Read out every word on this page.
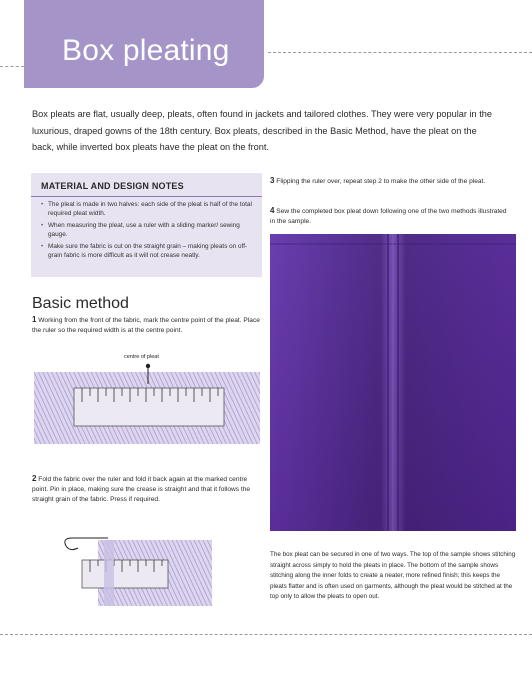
Box pleating
Box pleats are flat, usually deep, pleats, often found in jackets and tailored clothes. They were very popular in the luxurious, draped gowns of the 18th century. Box pleats, described in the Basic Method, have the pleat on the back, while inverted box pleats have the pleat on the front.
MATERIAL AND DESIGN NOTES
• The pleat is made in two halves: each side of the pleat is half of the total required pleat width.
• When measuring the pleat, use a ruler with a sliding marker/ sewing gauge.
• Make sure the fabric is cut on the straight grain – making pleats on off-grain fabric is more difficult as it will not crease neatly.
Basic method
1 Working from the front of the fabric, mark the centre point of the pleat. Place the ruler so the required width is at the centre point.
centre of pleat
2 Fold the fabric over the ruler and fold it back again at the marked centre point. Pin in place, making sure the crease is straight and that it follows the straight grain of the fabric. Press if required.
3 Flipping the ruler over, repeat step 2 to make the other side of the pleat.
4 Sew the completed box pleat down following one of the two methods illustrated in the sample.
The box pleat can be secured in one of two ways. The top of the sample shows stitching straight across simply to hold the pleats in place. The bottom of the sample shows stitching along the inner folds to create a neater, more refined finish; this keeps the pleats flatter and is often used on garments, although the pleat would be stitched at the top only to allow the pleats to open out.
